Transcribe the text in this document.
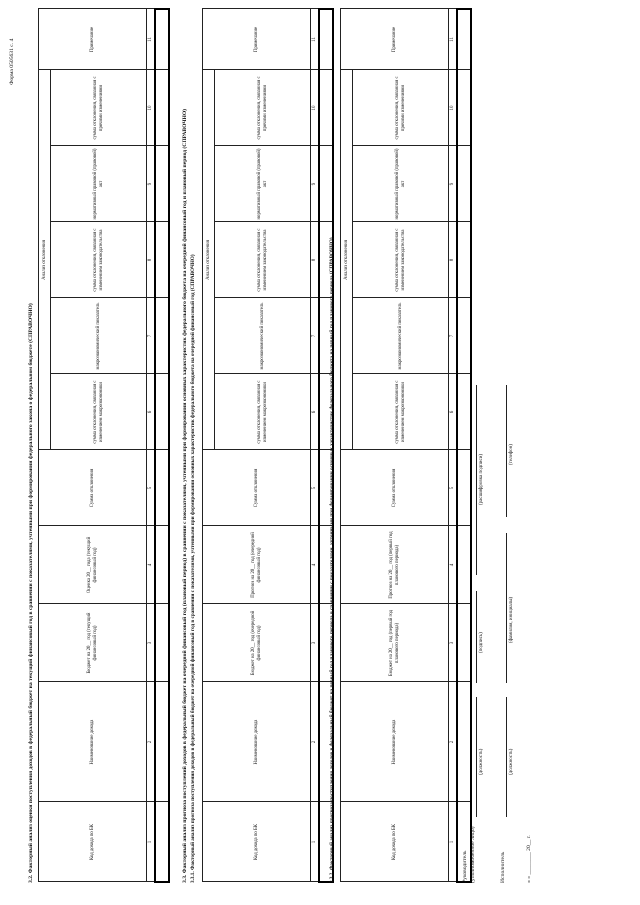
Форма 0505631 с. 4
3.2. Факторный анализ оценки поступления доходов в федеральный бюджет на текущий финансовый год в сравнении с показателями, учтенными при формировании федерального закона о федеральном бюджете (СПРАВОЧНО)	Код дохода по БК	Наименование дохода	Бюджет на 20__ год (текущий финансовый год)	Оценка 20__ года (текущий финансовый год)	Сумма отклонения	Анализ отклонения					Примечание
					сумма отклонения, связанная с изменением макроэкономики	макроэкономический показатель	сумма отклонения, связанная с изменением законодательства	нормативный правовой (правовой) акт	сумма отклонения, связанная с прочими изменениями	
1	2	3	4	5	6	7	8	9	10	11

3.3. Факторный анализ прогноза поступлений доходов в федеральный бюджет на очередной финансовый год (плановый период) в сравнении с показателями, учтенными при формировании основных характеристик федерального бюджета на очередной финансовый год и плановый период (СПРАВОЧНО) 3.3.1. Факторный анализ прогноза поступления доходов в федеральный бюджет на очередной финансовый год в сравнении с показателями, учтенными при формировании основных характеристик федерального бюджета на очередной финансовый год (СПРАВОЧНО)	Код дохода по БК	Наименование дохода	Бюджет на 20__ год (очередной финансовый год)	Прогноз на 20__ год (очередной финансовый год)	Сумма отклонения	Анализ отклонения					Примечание
					сумма отклонения, связанная с изменением макроэкономики	макроэкономический показатель	сумма отклонения, связанная с изменением законодательства	нормативный правовой (правовой) акт	сумма отклонения, связанная с прочими изменениями	
1	2	3	4	5	6	7	8	9	10	11

3.3.2. Факторный анализ прогноза поступления доходов в федеральный бюджет на первый год планового периода в сравнении с показателями, учтенными при формировании основных характеристик федерального бюджета на первый год планового периода (СПРАВОЧНО)	Код дохода по БК	Наименование дохода	Бюджет на 20__ год (первый год планового периода)	Прогноз на 20__ год (первый год планового периода)	Сумма отклонения	Анализ отклонения					Примечание
					сумма отклонения, связанная с изменением макроэкономики	макроэкономический показатель	сумма отклонения, связанная с изменением законодательства	нормативный правовой (правовой) акт	сумма отклонения, связанная с прочими изменениями	
1	2	3	4	5	6	7	8	9	10	11

Руководитель (уполномоченное лицо)
(должность)
(подпись)
(расшифровка подписи)
Исполнитель
(должность)
(фамилия, инициалы)
(телефон)
« » ________ 20__ г.
